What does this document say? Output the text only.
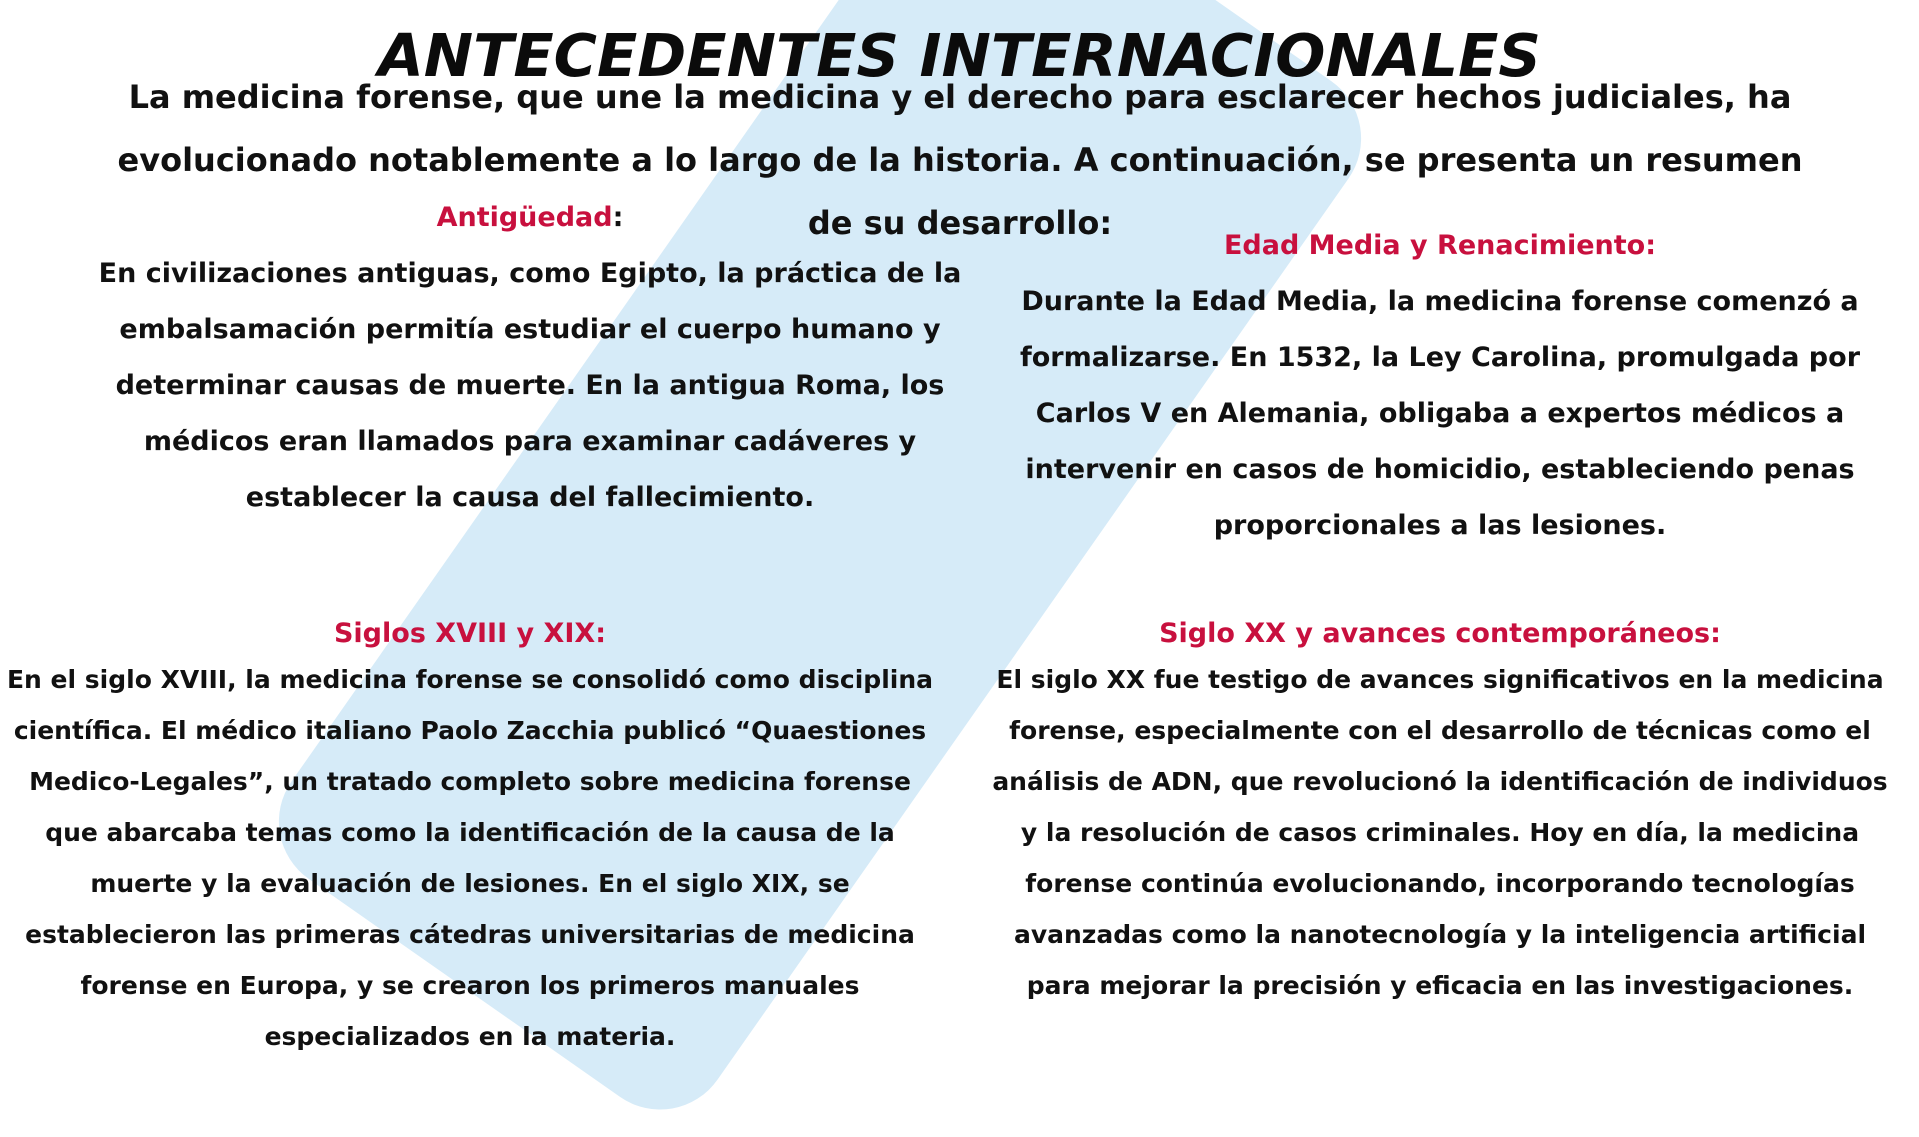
ANTECEDENTES INTERNACIONALES

La medicina forense, que une la medicina y el derecho para esclarecer hechos judiciales, ha evolucionado notablemente a lo largo de la historia. A continuación, se presenta un resumen de su desarrollo:

Antigüedad:

En civilizaciones antiguas, como Egipto, la práctica de la embalsamación permitía estudiar el cuerpo humano y determinar causas de muerte. En la antigua Roma, los médicos eran llamados para examinar cadáveres y establecer la causa del fallecimiento.

Edad Media y Renacimiento:

Durante la Edad Media, la medicina forense comenzó a formalizarse. En 1532, la Ley Carolina, promulgada por Carlos V en Alemania, obligaba a expertos médicos a intervenir en casos de homicidio, estableciendo penas proporcionales a las lesiones.

Siglos XVIII y XIX:

En el siglo XVIII, la medicina forense se consolidó como disciplina científica. El médico italiano Paolo Zacchia publicó “Quaestiones Medico-Legales”, un tratado completo sobre medicina forense que abarcaba temas como la identificación de la causa de la muerte y la evaluación de lesiones. En el siglo XIX, se establecieron las primeras cátedras universitarias de medicina forense en Europa, y se crearon los primeros manuales especializados en la materia.

Siglo XX y avances contemporáneos:

El siglo XX fue testigo de avances significativos en la medicina forense, especialmente con el desarrollo de técnicas como el análisis de ADN, que revolucionó la identificación de individuos y la resolución de casos criminales. Hoy en día, la medicina forense continúa evolucionando, incorporando tecnologías avanzadas como la nanotecnología y la inteligencia artificial para mejorar la precisión y eficacia en las investigaciones.
